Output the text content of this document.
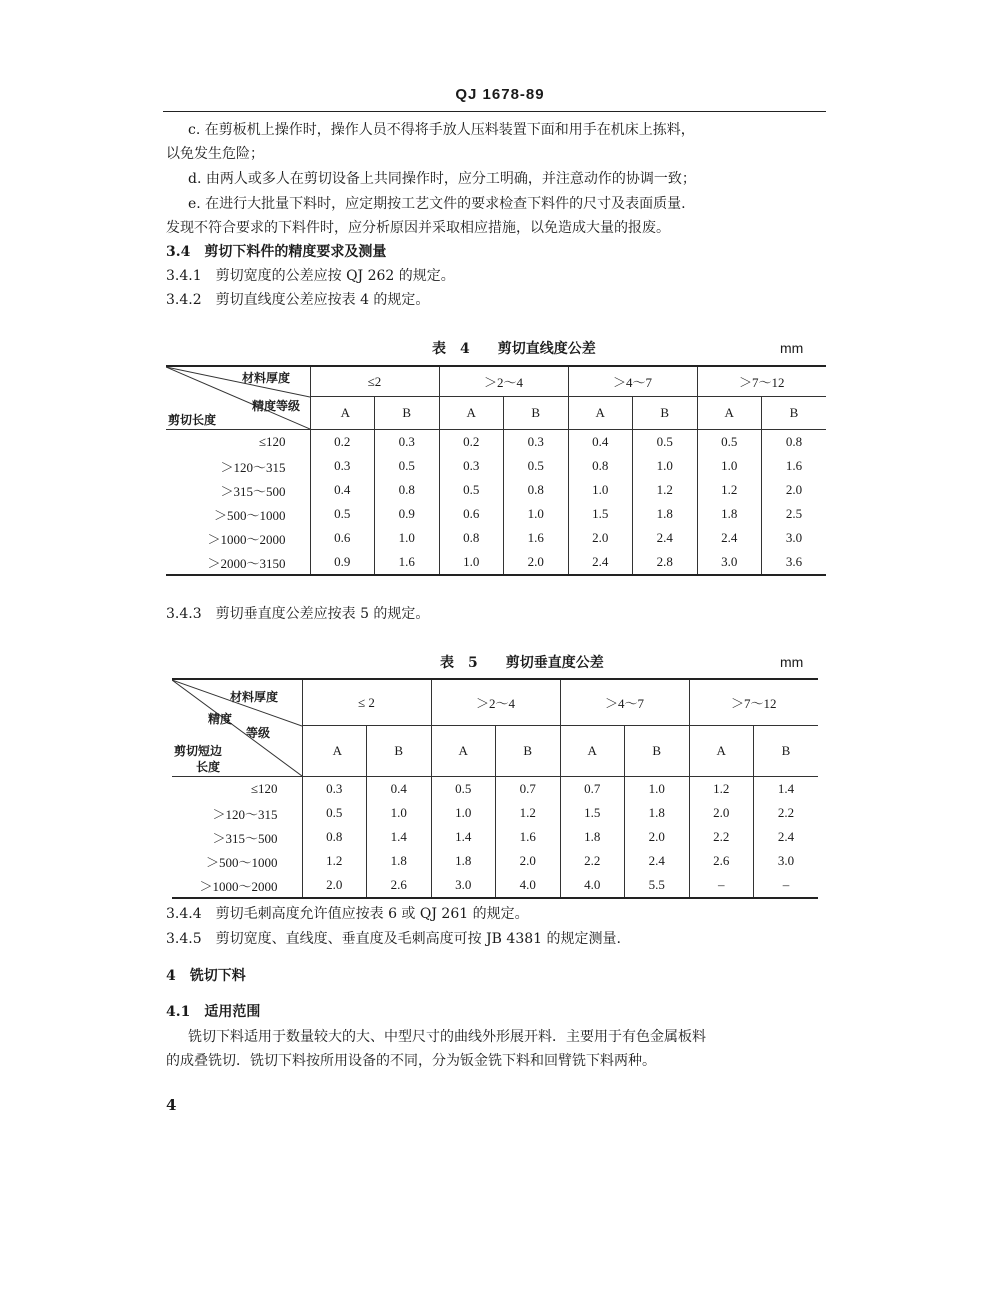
QJ 1678-89
c. 在剪板机上操作时，操作人员不得将手放人压料装置下面和用手在机床上拣料，
以免发生危险；
d. 由两人或多人在剪切设备上共同操作时，应分工明确，并注意动作的协调一致；
e. 在进行大批量下料时，应定期按工艺文件的要求检查下料件的尺寸及表面质量.
发现不符合要求的下料件时，应分析原因并采取相应措施，以免造成大量的报废。
3.4　剪切下料件的精度要求及测量
3.4.1　剪切宽度的公差应按 QJ 262 的规定。
3.4.2　剪切直线度公差应按表 4 的规定。
表　4　　剪切直线度公差	mm
材料厚度
精度等级
剪切长度	≤2		＞2～4		＞4～7		＞7～12	
	A	B	A	B	A	B	A	B
≤120	0.2	0.3	0.2	0.3	0.4	0.5	0.5	0.8
＞120～315	0.3	0.5	0.3	0.5	0.8	1.0	1.0	1.6
＞315～500	0.4	0.8	0.5	0.8	1.0	1.2	1.2	2.0
＞500～1000	0.5	0.9	0.6	1.0	1.5	1.8	1.8	2.5
＞1000～2000	0.6	1.0	0.8	1.6	2.0	2.4	2.4	3.0
＞2000～3150	0.9	1.6	1.0	2.0	2.4	2.8	3.0	3.6
3.4.3　剪切垂直度公差应按表 5 的规定。
表　5　　剪切垂直度公差	mm
材料厚度
精度
等级
剪切短边
长度	≤ 2		＞2～4		＞4～7		＞7～12	
	A	B	A	B	A	B	A	B
≤120	0.3	0.4	0.5	0.7	0.7	1.0	1.2	1.4
＞120～315	0.5	1.0	1.0	1.2	1.5	1.8	2.0	2.2
＞315～500	0.8	1.4	1.4	1.6	1.8	2.0	2.2	2.4
＞500～1000	1.2	1.8	1.8	2.0	2.2	2.4	2.6	3.0
＞1000～2000	2.0	2.6	3.0	4.0	4.0	5.5	–	–
3.4.4　剪切毛刺高度允许值应按表 6 或 QJ 261 的规定。
3.4.5　剪切宽度、直线度、垂直度及毛刺高度可按 JB 4381 的规定测量.
4　铣切下料
4.1　适用范围
铣切下料适用于数量较大的大、中型尺寸的曲线外形展开料．主要用于有色金属板料
的成叠铣切．铣切下料按所用设备的不同，分为钣金铣下料和回臂铣下料两种。
4
